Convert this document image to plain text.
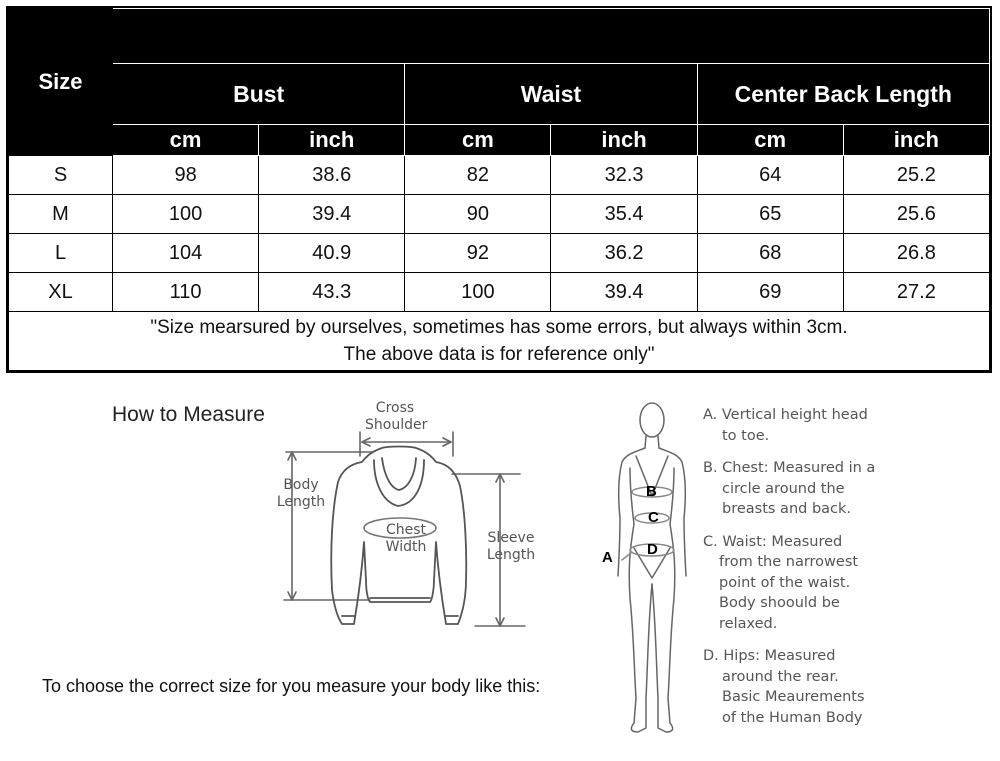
Size						
	Bust		Waist		Center Back Length	
	cm	inch	cm	inch	cm	inch
S	98	38.6	82	32.3	64	25.2
M	100	39.4	90	35.4	65	25.6
L	104	40.9	92	36.2	68	26.8
XL	110	43.3	100	39.4	69	27.2

"Size mearsured by ourselves, sometimes has some errors, but always within 3cm.
The above data is for reference only"						
How to Measure
To choose the correct size for you measure your body like this:
Cross
Shoulder
Body
Length
Chest
Width
Sleeve
Length
B
C
D
A

A. Vertical height head

to toe.

B. Chest: Measured in a

circle around the

breasts and back.

C. Waist: Measured

from the narrowest

point of the waist.

Body shoould be

relaxed.

D. Hips: Measured

around the rear.

Basic Meaurements

of the Human Body
